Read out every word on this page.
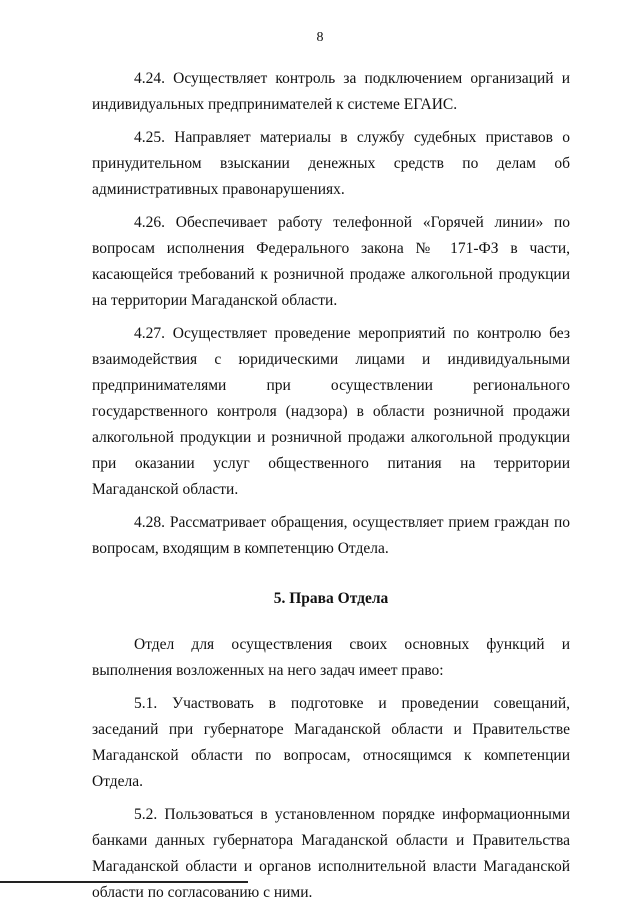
8

4.24. Осуществляет контроль за подключением организаций и индивидуальных предпринимателей к системе ЕГАИС.

4.25. Направляет материалы в службу судебных приставов о принудительном взыскании денежных средств по делам об административных правонарушениях.

4.26. Обеспечивает работу телефонной «Горячей линии» по вопросам исполнения Федерального закона № 171-ФЗ в части, касающейся требований к розничной продаже алкогольной продукции на территории Магаданской области.

4.27. Осуществляет проведение мероприятий по контролю без взаимодействия с юридическими лицами и индивидуальными предпринимателями при осуществлении регионального государственного контроля (надзора) в области розничной продажи алкогольной продукции и розничной продажи алкогольной продукции при оказании услуг общественного питания на территории Магаданской области.

4.28. Рассматривает обращения, осуществляет прием граждан по вопросам, входящим в компетенцию Отдела.

5. Права Отдела

Отдел для осуществления своих основных функций и выполнения возложенных на него задач имеет право:

5.1. Участвовать в подготовке и проведении совещаний, заседаний при губернаторе Магаданской области и Правительстве Магаданской области по вопросам, относящимся к компетенции Отдела.

5.2. Пользоваться в установленном порядке информационными банками данных губернатора Магаданской области и Правительства Магаданской области и органов исполнительной власти Магаданской области по согласованию с ними.
